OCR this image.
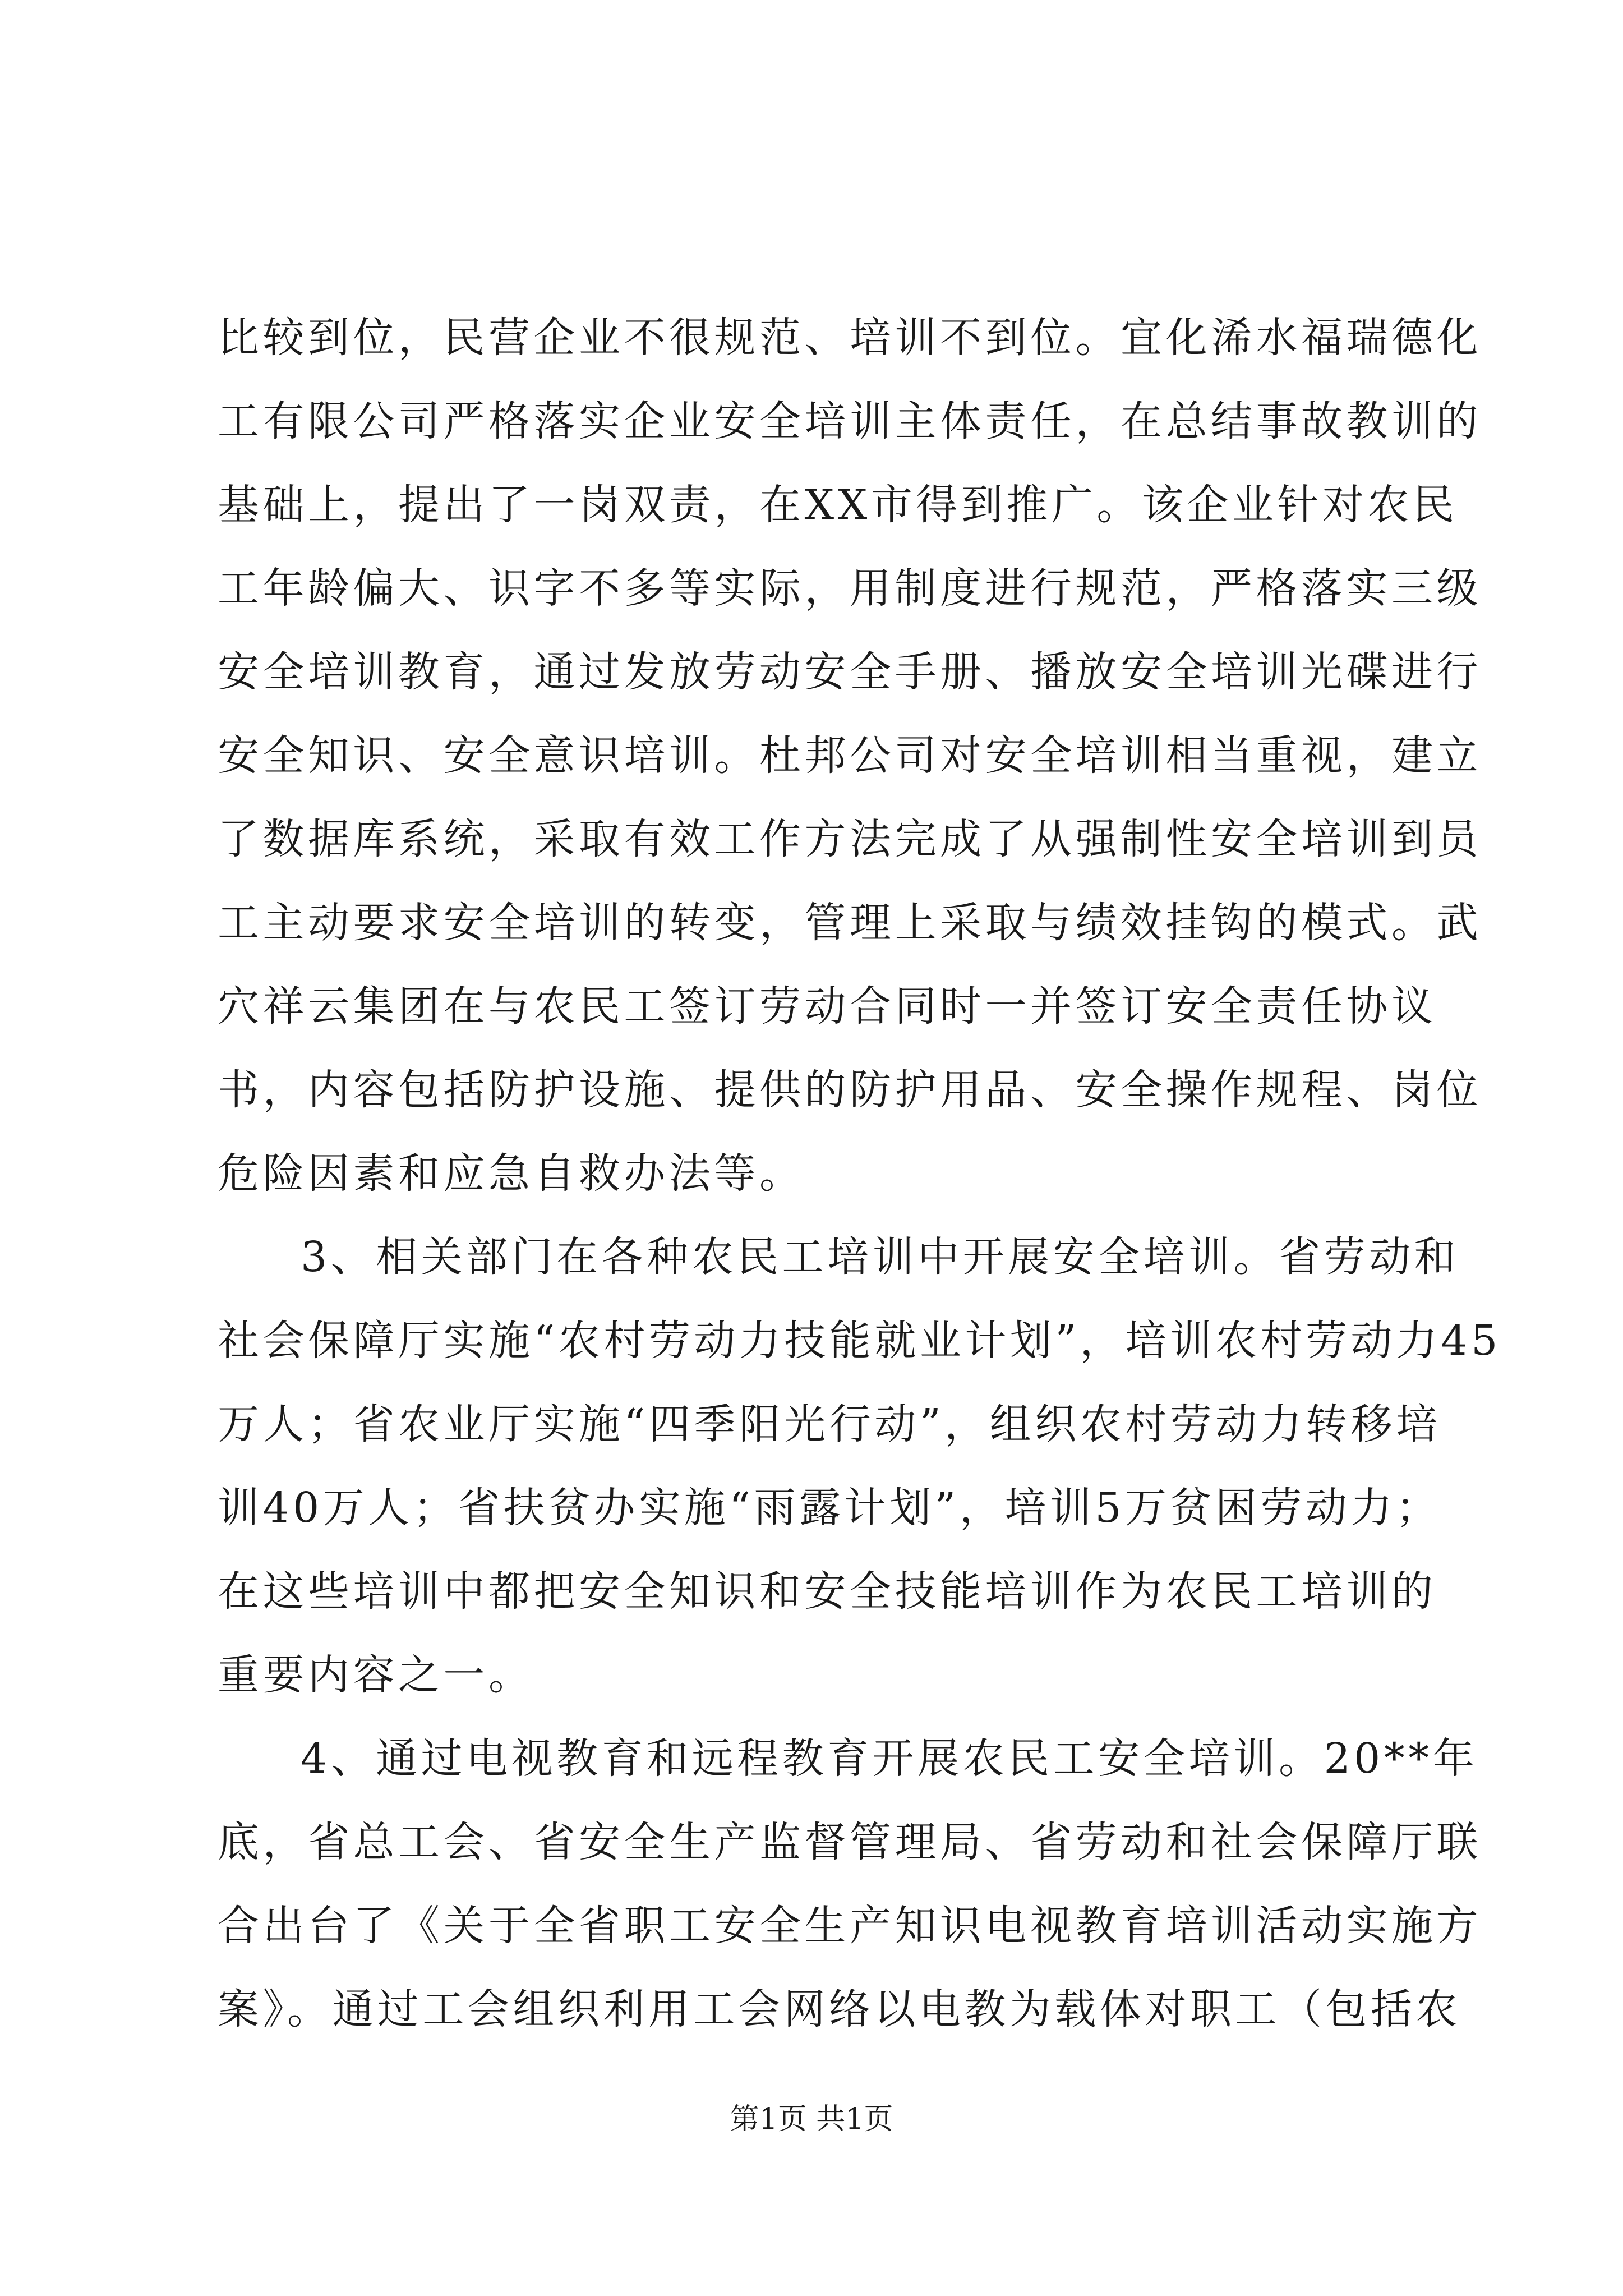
比较到位，民营企业不很规范、培训不到位。宜化浠水福瑞德化
工有限公司严格落实企业安全培训主体责任，在总结事故教训的
基础上，提出了一岗双责，在XX市得到推广。该企业针对农民
工年龄偏大、识字不多等实际，用制度进行规范，严格落实三级
安全培训教育，通过发放劳动安全手册、播放安全培训光碟进行
安全知识、安全意识培训。杜邦公司对安全培训相当重视，建立
了数据库系统，采取有效工作方法完成了从强制性安全培训到员
工主动要求安全培训的转变，管理上采取与绩效挂钩的模式。武
穴祥云集团在与农民工签订劳动合同时一并签订安全责任协议
书，内容包括防护设施、提供的防护用品、安全操作规程、岗位
危险因素和应急自救办法等。
3、相关部门在各种农民工培训中开展安全培训。省劳动和
社会保障厅实施“农村劳动力技能就业计划”，培训农村劳动力45
万人；省农业厅实施“四季阳光行动”，组织农村劳动力转移培
训40万人；省扶贫办实施“雨露计划”，培训5万贫困劳动力；
在这些培训中都把安全知识和安全技能培训作为农民工培训的
重要内容之一。
4、通过电视教育和远程教育开展农民工安全培训。20**年
底，省总工会、省安全生产监督管理局、省劳动和社会保障厅联
合出台了《关于全省职工安全生产知识电视教育培训活动实施方
案》。通过工会组织利用工会网络以电教为载体对职工（包括农
第1页 共1页
